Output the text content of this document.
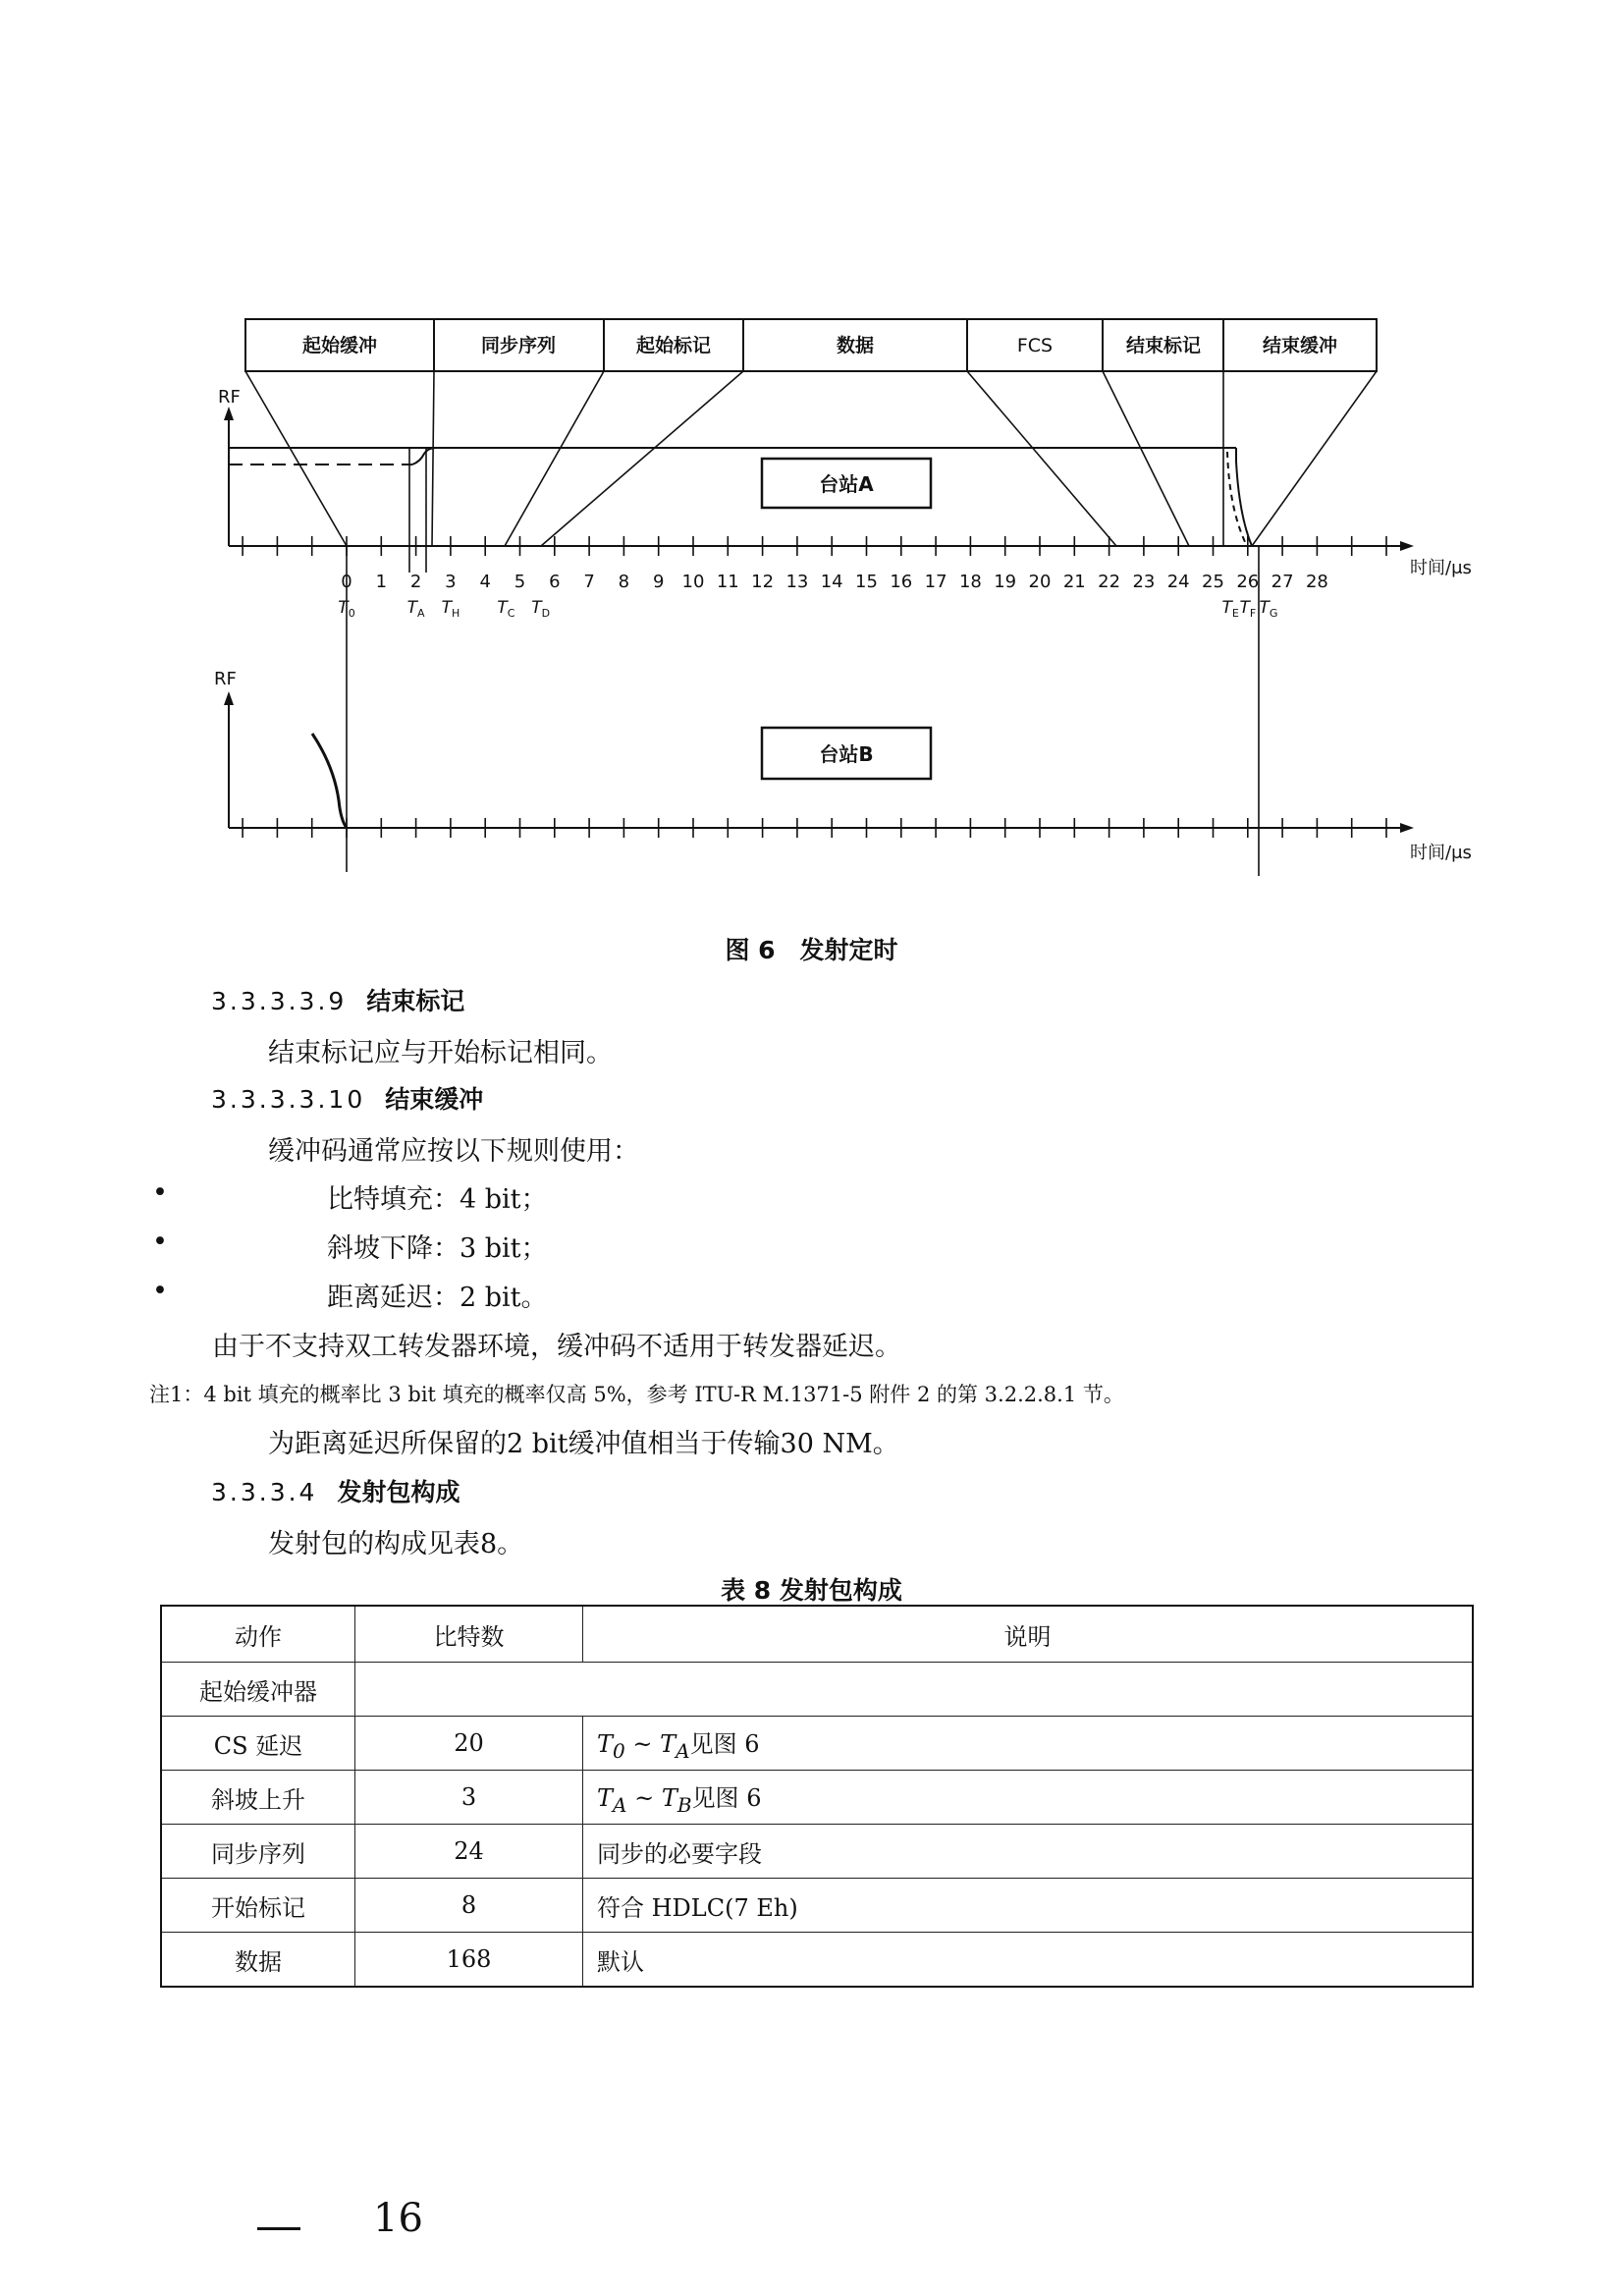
起始缓冲	同步序列	起始标记	数据	FCS	结束标记	结束缓冲
RF
0 1 2 3 4 5 6 7 8 9 10 11 12 13 14 15 16 17 18 19 20 21 22 23 24 25 26 27 28
时间/μs
$T_0$	$T_A$ $T_H$ $T_C$ $T_D$	$T_E$ $T_F$ $T_G$
台站A
RF
台站B
时间/μs
图 6　发射定时
3.3.3.3.9 结束标记
结束标记应与开始标记相同。
3.3.3.3.10 结束缓冲
缓冲码通常应按以下规则使用：
•	比特填充：4 bit；
•	斜坡下降：3 bit；
•	距离延迟：2 bit。
由于不支持双工转发器环境，缓冲码不适用于转发器延迟。
注1：4 bit 填充的概率比 3 bit 填充的概率仅高 5%，参考 ITU-R M.1371-5 附件 2 的第 3.2.2.8.1 节。
为距离延迟所保留的2 bit缓冲值相当于传输30 NM。
3.3.3.4 发射包构成
发射包的构成见表8。
表 8 发射包构成
动作	比特数	说明
起始缓冲器		
CS 延迟	20	$T_0$ ~ $T_A$见图 6
斜坡上升	3	$T_A$ ~ $T_B$见图 6
同步序列	24	同步的必要字段
开始标记	8	符合 HDLC(7 Eh)
数据	168	默认
16
